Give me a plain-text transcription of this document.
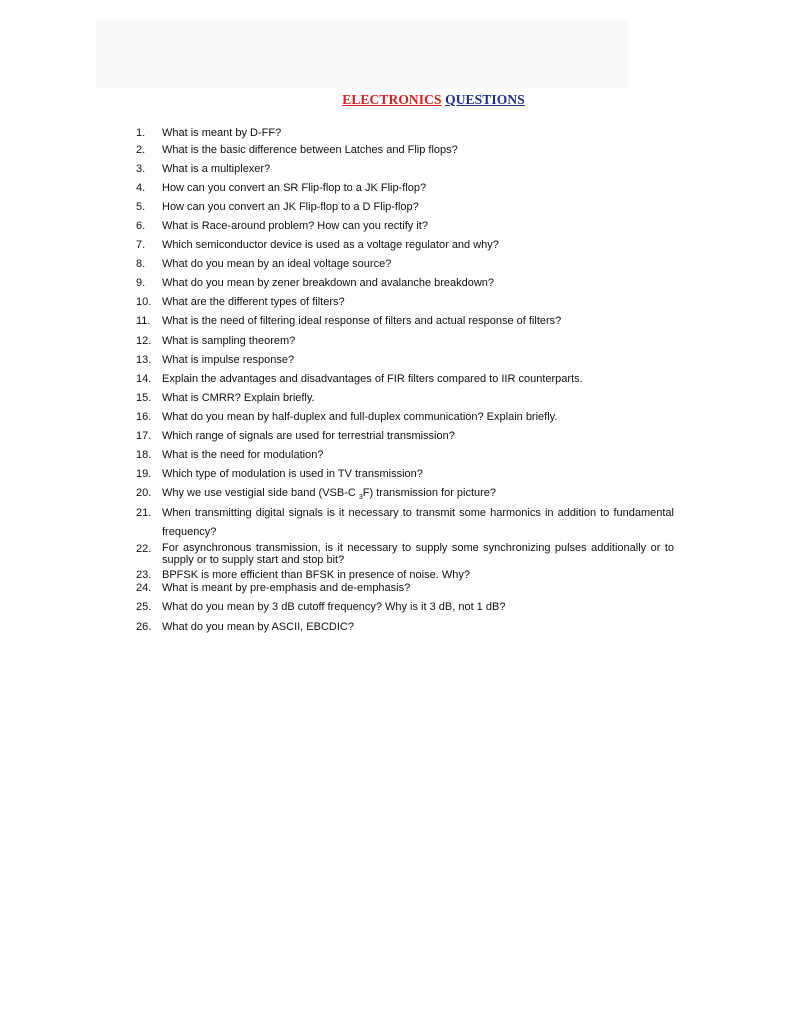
ELECTRONICS QUESTIONS
1.	What is meant by D-FF?
2.	What is the basic difference between Latches and Flip flops?
3.	What is a multiplexer?
4.	How can you convert an SR Flip-flop to a JK Flip-flop?
5.	How can you convert an JK Flip-flop to a D Flip-flop?
6.	What is Race-around problem? How can you rectify it?
7.	Which semiconductor device is used as a voltage regulator and why?
8.	What do you mean by an ideal voltage source?
9.	What do you mean by zener breakdown and avalanche breakdown?
10. What are the different types of filters?
11.	What is the need of filtering ideal response of filters and actual response of filters?
12. What is sampling theorem?
13. What is impulse response?
14. Explain the advantages and disadvantages of FIR filters compared to IIR counterparts.
15. What is CMRR? Explain briefly.
16. What do you mean by half-duplex and full-duplex communication? Explain briefly.
17. Which range of signals are used for terrestrial transmission?
18. What is the need for modulation?
19. Which type of modulation is used in TV transmission?
20. Why we use vestigial side band (VSB-C $_3$F) transmission for picture?
21. When transmitting digital signals is it necessary to transmit some harmonics in addition to fundamental frequency?
22. For asynchronous transmission, is it necessary to supply some synchronizing pulses additionally or to supply or to supply start and stop bit?
23. BPFSK is more efficient than BFSK in presence of noise. Why?
24. What is meant by pre-emphasis and de-emphasis?
25. What do you mean by 3 dB cutoff frequency? Why is it 3 dB, not 1 dB?
26. What do you mean by ASCII, EBCDIC?
